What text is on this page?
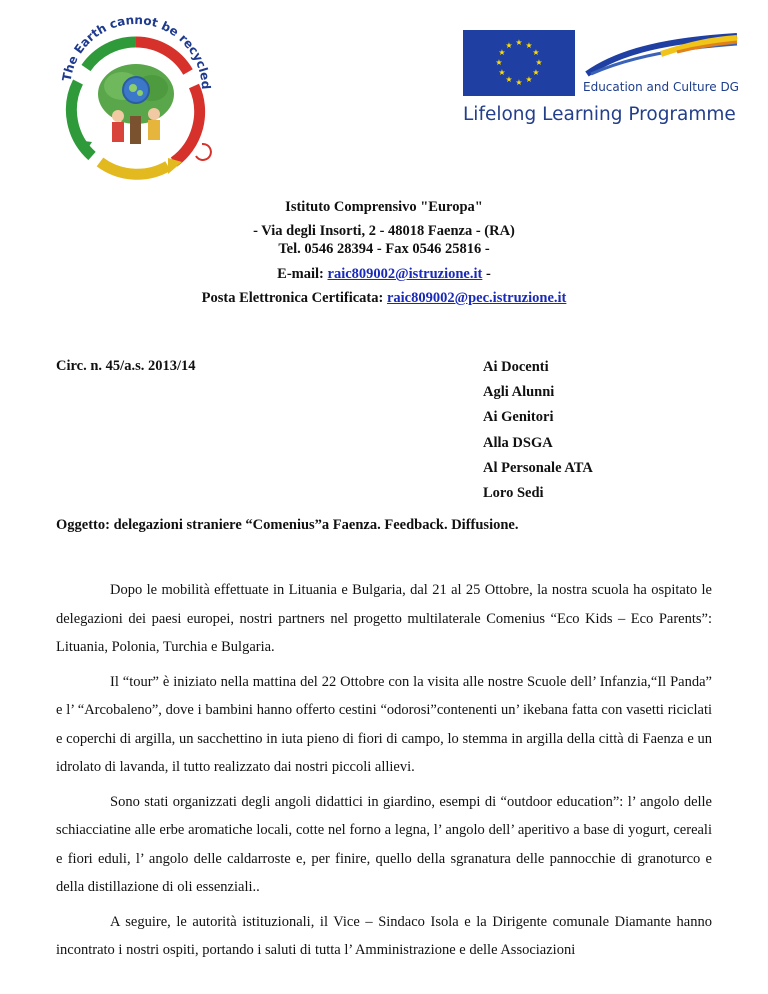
The Earth cannot be recycled
★ ★
★
★
★
★
★
★
★
★
★
★
Education and Culture DG
Lifelong Learning Programme
Istituto Comprensivo "Europa"
- Via degli Insorti, 2 - 48018 Faenza - (RA)
Tel. 0546 28394 - Fax 0546 25816 -
E-mail: raic809002@istruzione.it -
Posta Elettronica Certificata: raic809002@pec.istruzione.it
Circ. n. 45/a.s. 2013/14	Ai Docenti
Agli Alunni
Ai Genitori
Alla DSGA
Al Personale ATA
Loro Sedi
Oggetto: delegazioni straniere “Comenius”a Faenza. Feedback. Diffusione.

Dopo le mobilità effettuate in Lituania e Bulgaria, dal 21 al 25 Ottobre, la nostra scuola ha ospitato le delegazioni dei paesi europei, nostri partners nel progetto multilaterale Comenius “Eco Kids – Eco Parents”: Lituania, Polonia, Turchia e Bulgaria.

Il “tour” è iniziato nella mattina del 22 Ottobre con la visita alle nostre Scuole dell’ Infanzia,“Il Panda” e l’ “Arcobaleno”, dove i bambini hanno offerto cestini “odorosi”contenenti un’ ikebana fatta con vasetti riciclati e coperchi di argilla, un sacchettino in iuta pieno di fiori di campo, lo stemma in argilla della città di Faenza e un idrolato di lavanda, il tutto realizzato dai nostri piccoli allievi.

Sono stati organizzati degli angoli didattici in giardino, esempi di “outdoor education”: l’ angolo delle schiacciatine alle erbe aromatiche locali, cotte nel forno a legna, l’ angolo dell’ aperitivo a base di yogurt, cereali e fiori eduli, l’ angolo delle caldarroste e, per finire, quello della sgranatura delle pannocchie di granoturco e della distillazione di oli essenziali..

A seguire, le autorità istituzionali, il Vice – Sindaco Isola e la Dirigente comunale Diamante hanno incontrato i nostri ospiti, portando i saluti di tutta l’ Amministrazione e delle Associazioni
